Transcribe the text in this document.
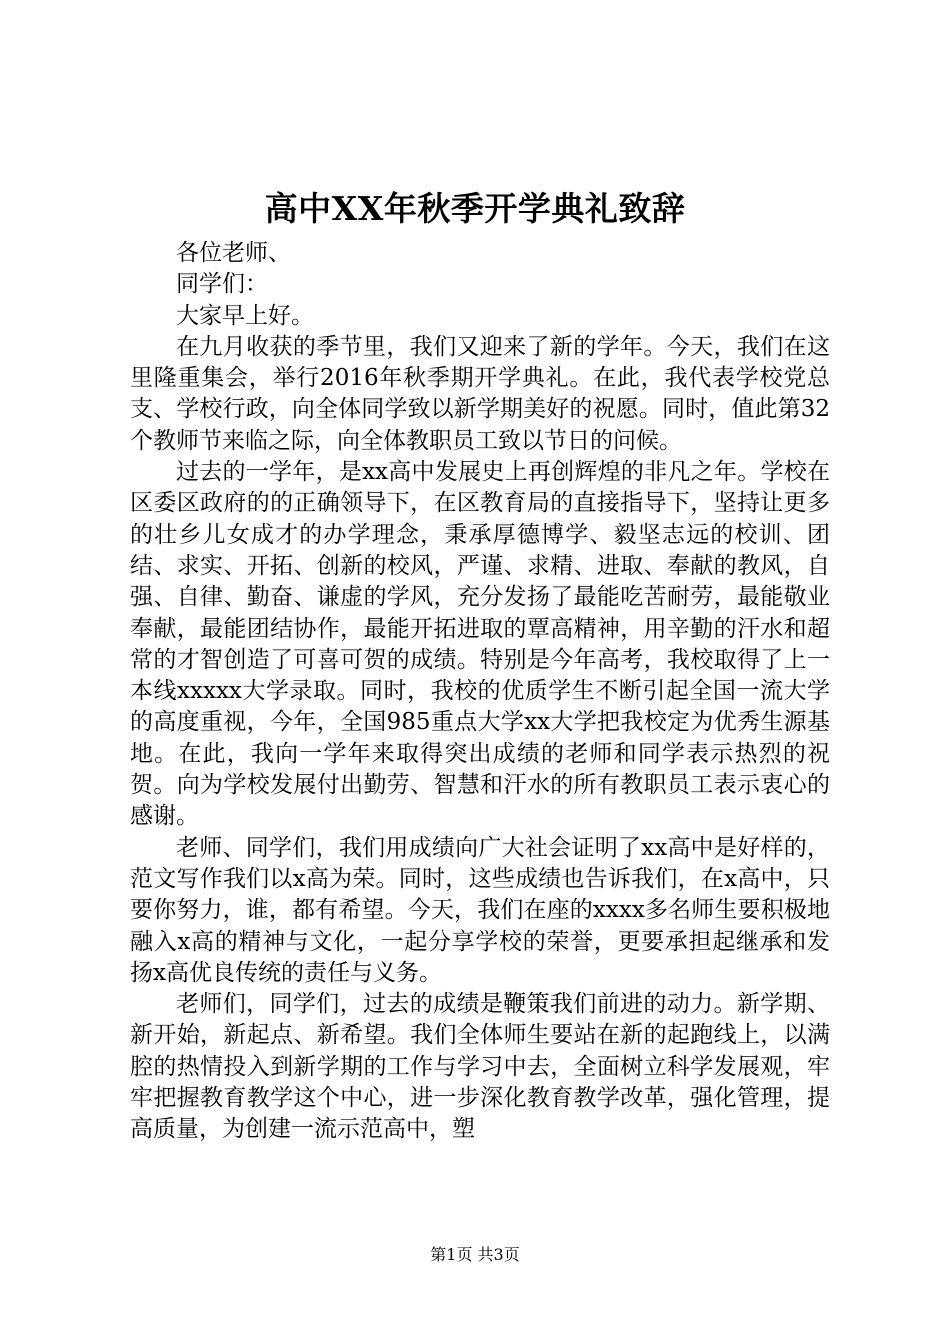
高中XX年秋季开学典礼致辞

各位老师、

同学们：

大家早上好。

在九月收获的季节里，我们又迎来了新的学年。今天，我们在这里隆重集会，举行2016年秋季期开学典礼。在此，我代表学校党总支、学校行政，向全体同学致以新学期美好的祝愿。同时，值此第32个教师节来临之际，向全体教职员工致以节日的问候。

过去的一学年，是xx高中发展史上再创辉煌的非凡之年。学校在区委区政府的的正确领导下，在区教育局的直接指导下，坚持让更多的壮乡儿女成才的办学理念，秉承厚德博学、毅坚志远的校训、团结、求实、开拓、创新的校风，严谨、求精、进取、奉献的教风，自强、自律、勤奋、谦虚的学风，充分发扬了最能吃苦耐劳，最能敬业奉献，最能团结协作，最能开拓进取的覃高精神，用辛勤的汗水和超常的才智创造了可喜可贺的成绩。特别是今年高考，我校取得了上一本线xxxxx大学录取。同时，我校的优质学生不断引起全国一流大学的高度重视，今年，全国985重点大学xx大学把我校定为优秀生源基地。在此，我向一学年来取得突出成绩的老师和同学表示热烈的祝贺。向为学校发展付出勤劳、智慧和汗水的所有教职员工表示衷心的感谢。

老师、同学们，我们用成绩向广大社会证明了xx高中是好样的，范文写作我们以x高为荣。同时，这些成绩也告诉我们，在x高中，只要你努力，谁，都有希望。今天，我们在座的xxxx多名师生要积极地融入x高的精神与文化，一起分享学校的荣誉，更要承担起继承和发扬x高优良传统的责任与义务。

老师们，同学们，过去的成绩是鞭策我们前进的动力。新学期、新开始，新起点、新希望。我们全体师生要站在新的起跑线上，以满腔的热情投入到新学期的工作与学习中去，全面树立科学发展观，牢牢把握教育教学这个中心，进一步深化教育教学改革，强化管理，提高质量，为创建一流示范高中，塑

第1页 共3页
